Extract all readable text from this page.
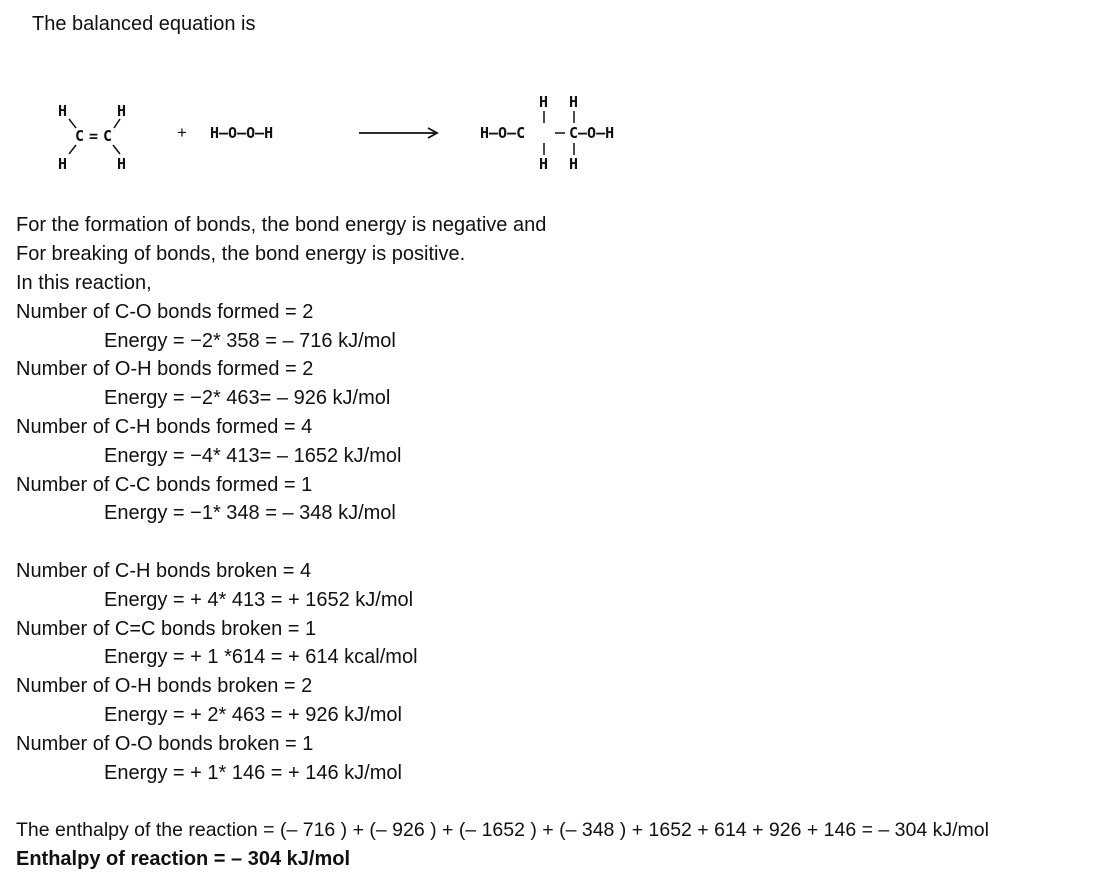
The balanced equation is
H	H
C = C
H	H
+ H—O—O—H
H H
H—O—C	C—O—H
H H
For the formation of bonds, the bond energy is negative and
For breaking of bonds, the bond energy is positive.
In this reaction,
Number of C-O bonds formed = 2
Energy = −2* 358 = – 716 kJ/mol
Number of O-H bonds formed = 2
Energy = −2* 463= – 926 kJ/mol
Number of C-H bonds formed = 4
Energy = −4* 413= – 1652 kJ/mol
Number of C-C bonds formed = 1
Energy = −1* 348 = – 348 kJ/mol
Number of C-H bonds broken = 4
Energy = + 4* 413 = + 1652 kJ/mol
Number of C=C bonds broken = 1
Energy = + 1 *614 = + 614 kcal/mol
Number of O-H bonds broken = 2
Energy = + 2* 463 = + 926 kJ/mol
Number of O-O bonds broken = 1
Energy = + 1* 146 = + 146 kJ/mol
The enthalpy of the reaction = (– 716 ) + (– 926 ) + (– 1652 ) + (– 348 ) + 1652 + 614 + 926 + 146 = – 304 kJ/mol
Enthalpy of reaction = – 304 kJ/mol
